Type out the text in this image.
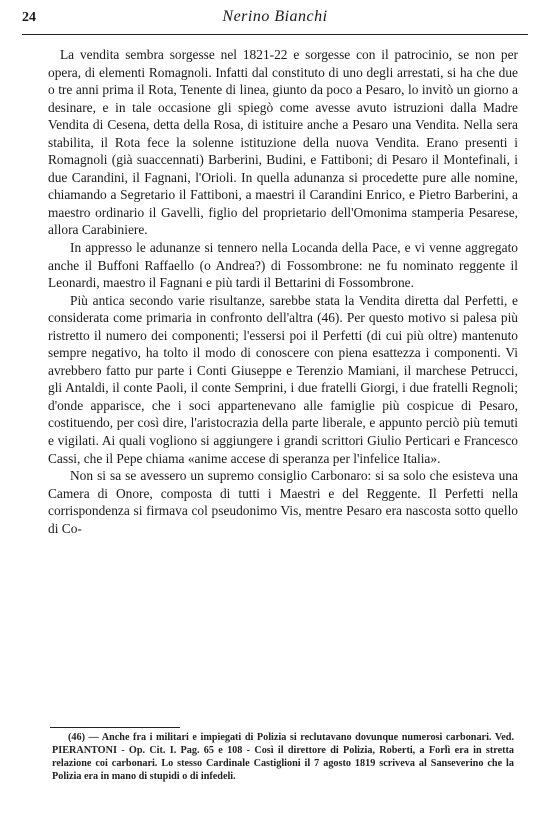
24	Nerino Bianchi

La vendita sembra sorgesse nel 1821-22 e sorgesse con il patrocinio, se non per opera, di elementi Romagnoli. Infatti dal constituto di uno degli arrestati, si ha che due o tre anni prima il Rota, Tenente di linea, giunto da poco a Pesaro, lo invitò un giorno a desinare, e in tale occasione gli spiegò come avesse avuto istruzioni dalla Madre Vendita di Cesena, detta della Rosa, di istituire anche a Pesaro una Vendita. Nella sera stabilita, il Rota fece la solenne istituzione della nuova Vendita. Erano presenti i Romagnoli (già suaccennati) Barberini, Budini, e Fattiboni; di Pesaro il Montefinali, i due Carandini, il Fagnani, l'Orioli. In quella adunanza si procedette pure alle nomine, chiamando a Segretario il Fattiboni, a maestri il Carandini Enrico, e Pietro Barberini, a maestro ordinario il Gavelli, figlio del proprietario dell'Omonima stamperia Pesarese, allora Carabiniere.

In appresso le adunanze si tennero nella Locanda della Pace, e vi venne aggregato anche il Buffoni Raffaello (o Andrea?) di Fossombrone: ne fu nominato reggente il Leonardi, maestro il Fagnani e più tardi il Bettarini di Fossombrone.

Più antica secondo varie risultanze, sarebbe stata la Vendita diretta dal Perfetti, e considerata come primaria in confronto dell'altra (46). Per questo motivo si palesa più ristretto il numero dei componenti; l'essersi poi il Perfetti (di cui più oltre) mantenuto sempre negativo, ha tolto il modo di conoscere con piena esattezza i componenti. Vi avrebbero fatto pur parte i Conti Giuseppe e Terenzio Mamiani, il marchese Petrucci, gli Antaldi, il conte Paoli, il conte Semprini, i due fratelli Giorgi, i due fratelli Regnoli; d'onde apparisce, che i soci appartenevano alle famiglie più cospicue di Pesaro, costituendo, per così dire, l'aristocrazia della parte liberale, e appunto perciò più temuti e vigilati. Ai quali vogliono si aggiungere i grandi scrittori Giulio Perticari e Francesco Cassi, che il Pepe chiama «anime accese di speranza per l'infelice Italia».

Non si sa se avessero un supremo consiglio Carbonaro: si sa solo che esisteva una Camera di Onore, composta di tutti i Maestri e del Reggente. Il Perfetti nella corrispondenza si firmava col pseudonimo Vis, mentre Pesaro era nascosta sotto quello di Co-

(46) — Anche fra i militari e impiegati di Polizia si reclutavano dovunque numerosi carbonari. Ved. PIERANTONI - Op. Cit. I. Pag. 65 e 108 - Così il direttore di Polizia, Roberti, a Forlì era in stretta relazione coi carbonari. Lo stesso Cardinale Castiglioni il 7 agosto 1819 scriveva al Sanseverino che la Polizia era in mano di stupidi o di infedeli.
